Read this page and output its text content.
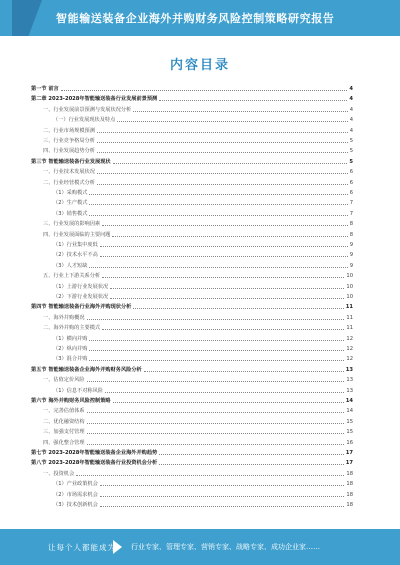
智能输送装备企业海外并购财务风险控制策略研究报告
内容目录
第一节 前言	4
第二章 2023-2028年智能输送装备行业发展前景预测	4
一、行业发展前景预测与发展状况分析	4
（一）行业发展现状及特点	4
二、行业市场规模预测	4
三、行业竞争格局分析	5
四、行业发展趋势分析	5
第三节 智能输送装备行业发展现状	5
一、行业技术发展状况	6
二、行业经营模式分析	6
（1）采购模式	6
（2）生产模式	7
（3）销售模式	7
三、行业发展的影响因素	8
四、行业发展面临的主要问题	8
（1）行业集中度低	9
（2）技术水平不高	9
（3）人才短缺	9
五、行业上下游关系分析	10
（1）上游行业发展状况	10
（2）下游行业发展状况	10
第四节 智能输送装备行业海外并购现状分析	11
一、海外并购概况	11
二、海外并购的主要模式	11
（1）横向并购	12
（2）纵向并购	12
（3）混合并购	12
第五节 智能输送装备企业海外并购财务风险分析	13
一、估值定价风险	13
（1）信息不对称风险	13
第六节 海外并购财务风险控制策略	14
一、完善估值体系	14
二、优化融资结构	15
三、加强支付管理	15
四、强化整合管理	16
第七节 2023-2028年智能输送装备企业海外并购趋势	17
第八节 2023-2028年智能输送装备行业投资机会分析	17
一、投资机会	18
（1）产业政策机会	18
（2）市场需求机会	18
（3）技术创新机会	18
让每个人都能成为 行业专家、管理专家、营销专家、战略专家、成功企业家……
